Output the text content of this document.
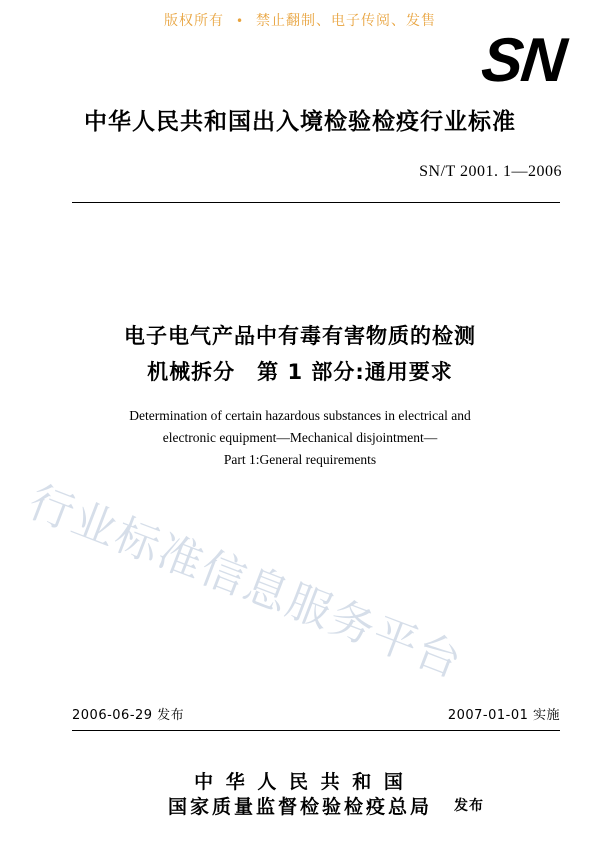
版权所有 • 禁止翻制、电子传阅、发售
SN
中华人民共和国出入境检验检疫行业标准
SN/T 2001. 1—2006
电子电气产品中有毒有害物质的检测
机械拆分　第 1 部分:通用要求
Determination of certain hazardous substances in electrical and
electronic equipment—Mechanical disjointment—
Part 1:General requirements
行业标准信息服务平台
2006-06-29 发布	2007-01-01 实施
中 华 人 民 共 和 国
国家质量监督检验检疫总局 发布
